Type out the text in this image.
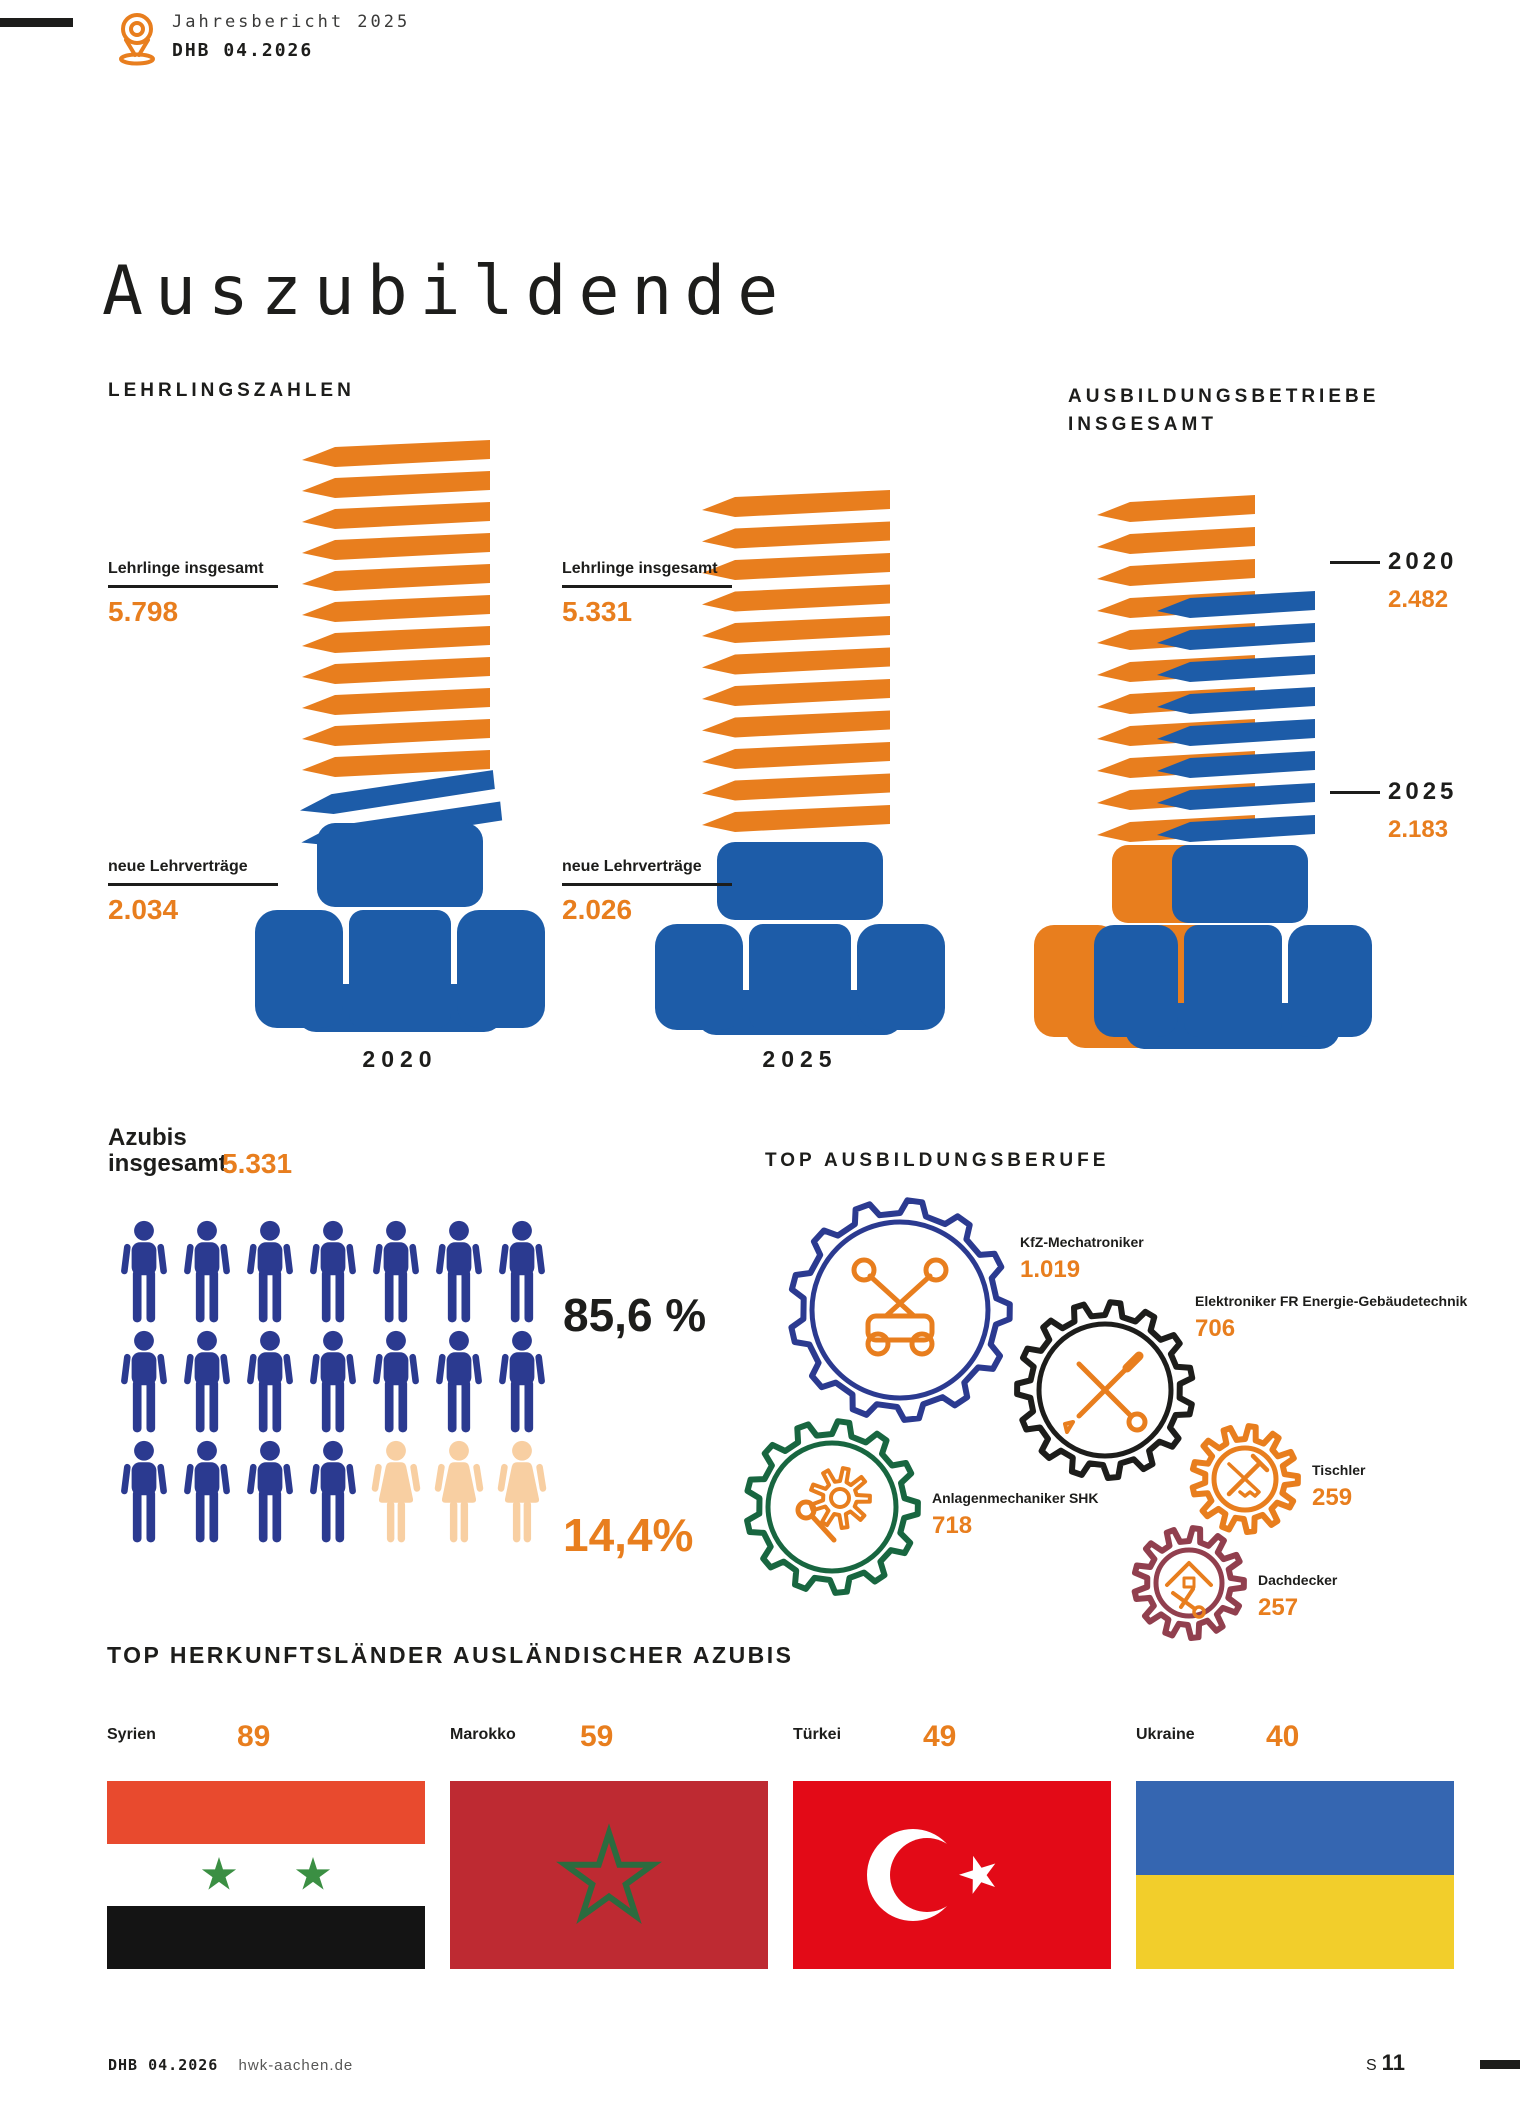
Jahresbericht 2025
DHB 04.2026
Auszubildende
LEHRLINGSZAHLEN
Lehrlinge insgesamt
5.798
neue Lehrverträge
2.034
2020
Lehrlinge insgesamt
5.331
neue Lehrverträge
2.026
2025
AUSBILDUNGSBETRIEBE
INSGESAMT
2020
2.482
2025
2.183
Azubis
insgesamt
5.331
85,6 %
14,4%
TOP AUSBILDUNGSBERUFE
KfZ-Mechatroniker
1.019
Elektroniker FR Energie-Gebäudetechnik
706
Anlagenmechaniker SHK
718
Tischler
259
Dachdecker
257
TOP HERKUNFTSLÄNDER AUSLÄNDISCHER AZUBIS
Syrien	89	Marokko	59	Türkei	49	Ukraine	40
DHB 04.2026 hwk-aachen.de	S 11
